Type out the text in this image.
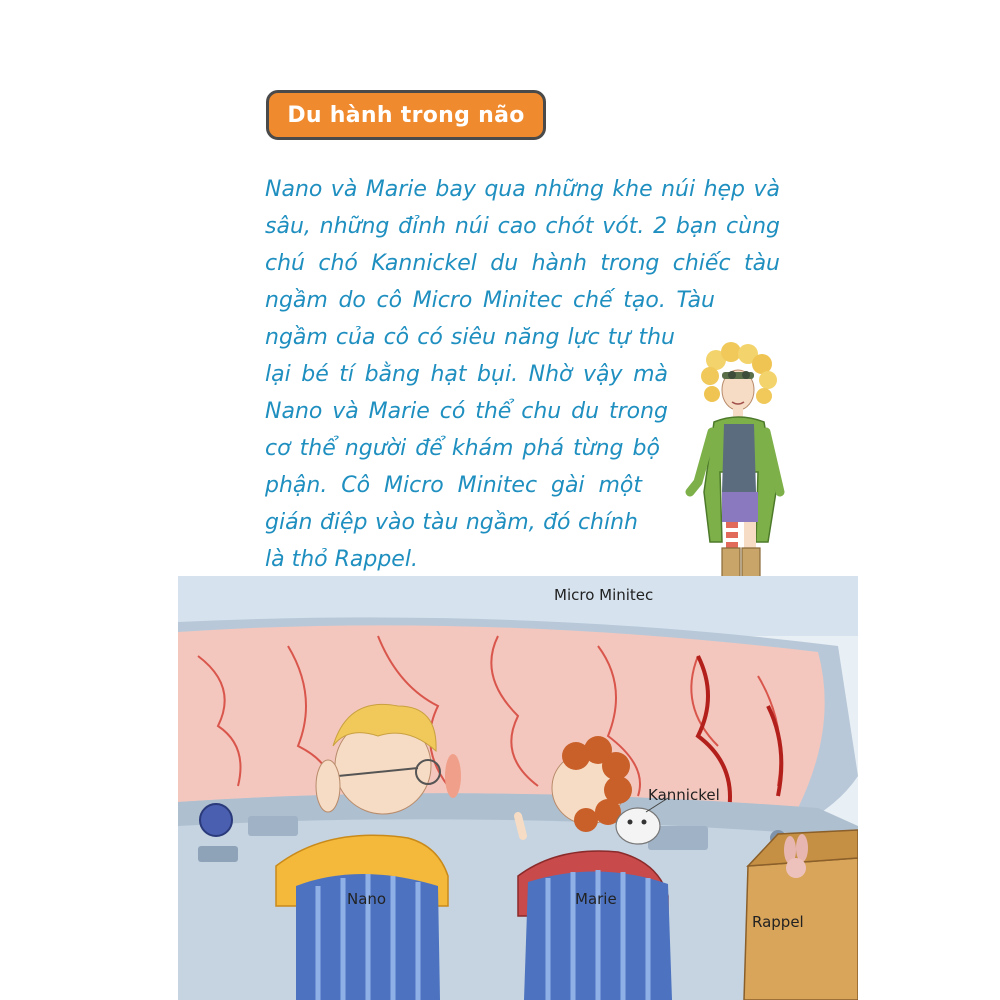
Du hành trong não
Nano và Marie bay qua những khe núi hẹp và
sâu, những đỉnh núi cao chót vót. 2 bạn cùng
chú chó Kannickel du hành trong chiếc tàu
ngầm do cô Micro Minitec chế tạo. Tàu
ngầm của cô có siêu năng lực tự thu
lại bé tí bằng hạt bụi. Nhờ vậy mà
Nano và Marie có thể chu du trong
cơ thể người để khám phá từng bộ
phận. Cô Micro Minitec gài một
gián điệp vào tàu ngầm, đó chính
là thỏ Rappel.
Micro Minitec
Kannickel
Nano	Marie
Rappel
